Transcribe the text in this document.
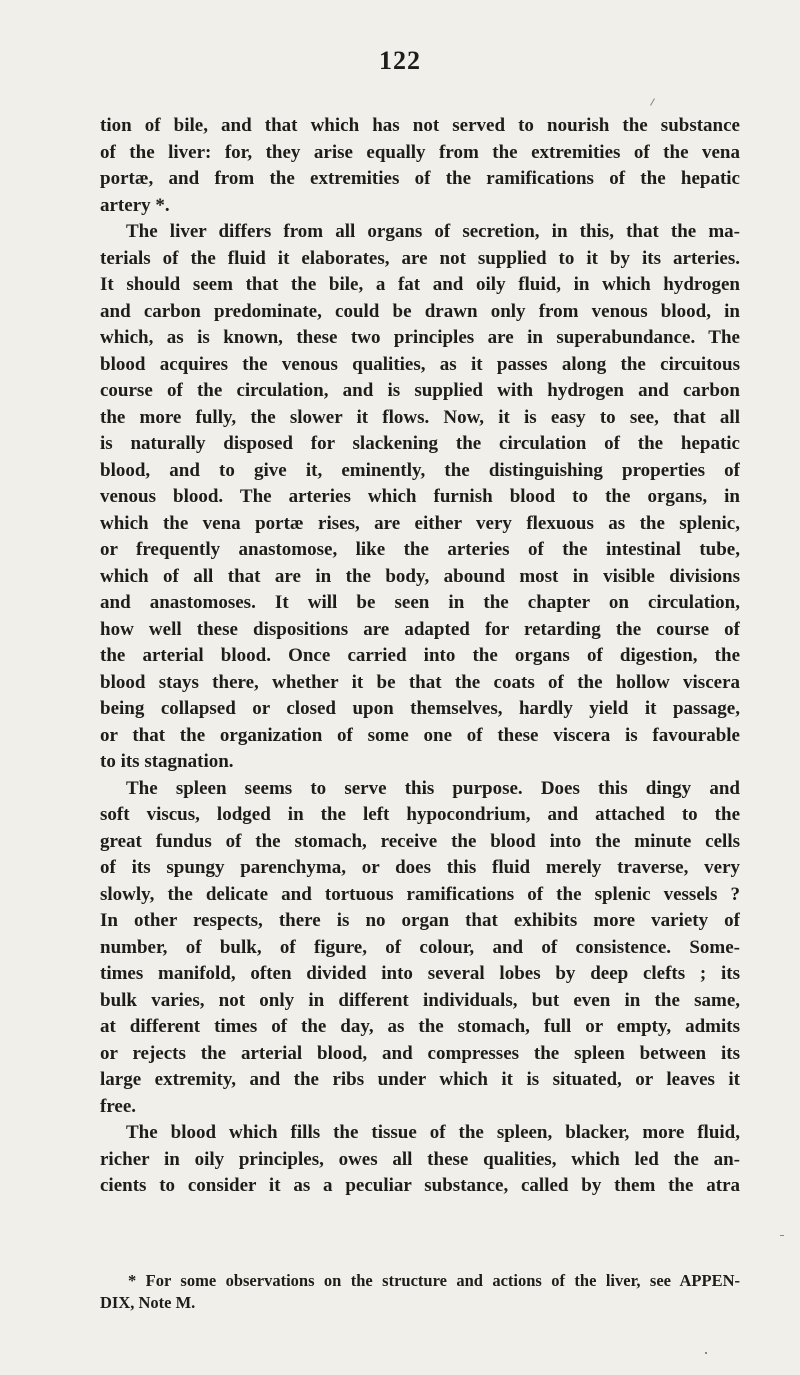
122
tion of bile, and that which has not served to nourish the substance
of the liver: for, they arise equally from the extremities of the vena
portæ, and from the extremities of the ramifications of the hepatic
artery *.
The liver differs from all organs of secretion, in this, that the ma-
terials of the fluid it elaborates, are not supplied to it by its arteries.
It should seem that the bile, a fat and oily fluid, in which hydrogen
and carbon predominate, could be drawn only from venous blood, in
which, as is known, these two principles are in superabundance. The
blood acquires the venous qualities, as it passes along the circuitous
course of the circulation, and is supplied with hydrogen and carbon
the more fully, the slower it flows. Now, it is easy to see, that all
is naturally disposed for slackening the circulation of the hepatic
blood, and to give it, eminently, the distinguishing properties of
venous blood. The arteries which furnish blood to the organs, in
which the vena portæ rises, are either very flexuous as the splenic,
or frequently anastomose, like the arteries of the intestinal tube,
which of all that are in the body, abound most in visible divisions
and anastomoses. It will be seen in the chapter on circulation,
how well these dispositions are adapted for retarding the course of
the arterial blood. Once carried into the organs of digestion, the
blood stays there, whether it be that the coats of the hollow viscera
being collapsed or closed upon themselves, hardly yield it passage,
or that the organization of some one of these viscera is favourable
to its stagnation.
The spleen seems to serve this purpose. Does this dingy and
soft viscus, lodged in the left hypocondrium, and attached to the
great fundus of the stomach, receive the blood into the minute cells
of its spungy parenchyma, or does this fluid merely traverse, very
slowly, the delicate and tortuous ramifications of the splenic vessels ?
In other respects, there is no organ that exhibits more variety of
number, of bulk, of figure, of colour, and of consistence. Some-
times manifold, often divided into several lobes by deep clefts ; its
bulk varies, not only in different individuals, but even in the same,
at different times of the day, as the stomach, full or empty, admits
or rejects the arterial blood, and compresses the spleen between its
large extremity, and the ribs under which it is situated, or leaves it
free.
The blood which fills the tissue of the spleen, blacker, more fluid,
richer in oily principles, owes all these qualities, which led the an-
cients to consider it as a peculiar substance, called by them the atra
* For some observations on the structure and actions of the liver, see APPEN-
DIX, Note M.
